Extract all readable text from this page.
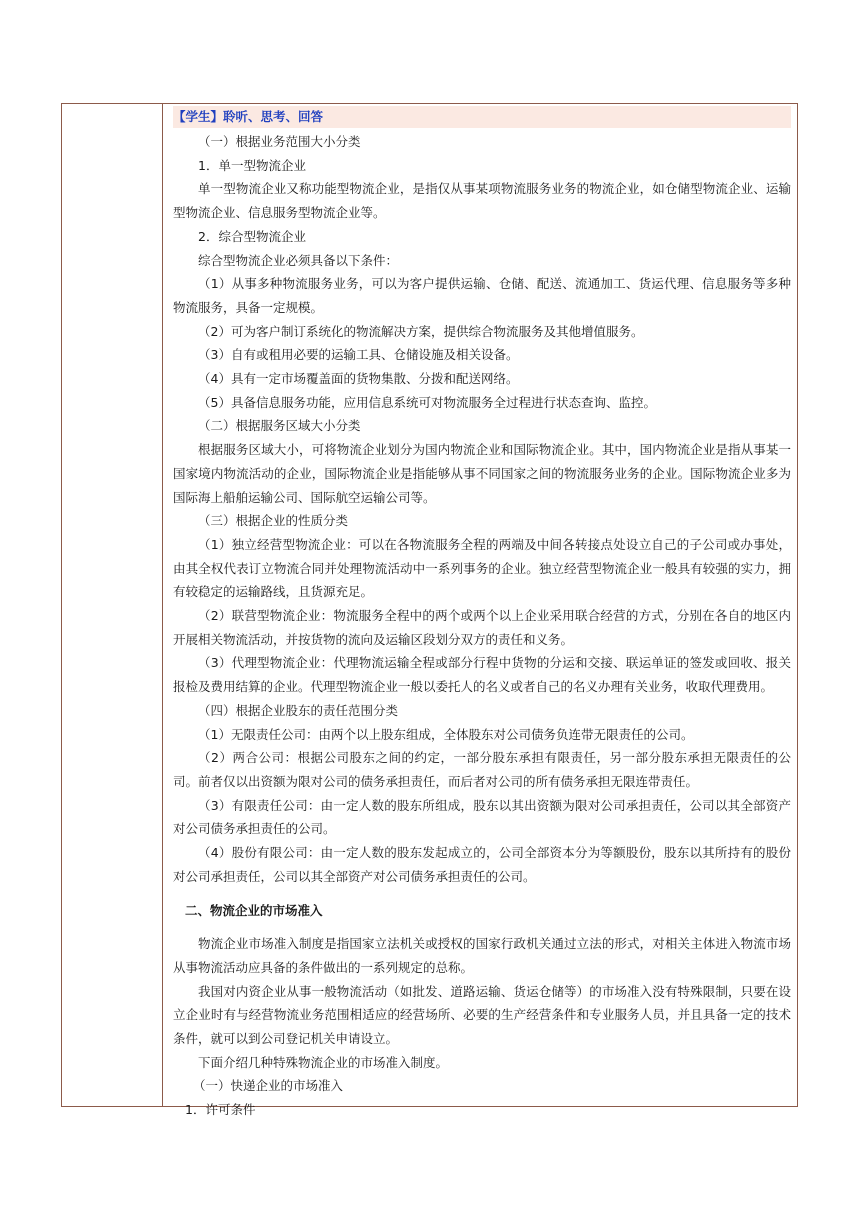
【学生】聆听、思考、回答

（一）根据业务范围大小分类

1．单一型物流企业

单一型物流企业又称功能型物流企业，是指仅从事某项物流服务业务的物流企业，如仓储型物流企业、运输型物流企业、信息服务型物流企业等。

2．综合型物流企业

综合型物流企业必须具备以下条件：

（1）从事多种物流服务业务，可以为客户提供运输、仓储、配送、流通加工、货运代理、信息服务等多种物流服务，具备一定规模。

（2）可为客户制订系统化的物流解决方案，提供综合物流服务及其他增值服务。

（3）自有或租用必要的运输工具、仓储设施及相关设备。

（4）具有一定市场覆盖面的货物集散、分拨和配送网络。

（5）具备信息服务功能，应用信息系统可对物流服务全过程进行状态查询、监控。

（二）根据服务区域大小分类

根据服务区域大小，可将物流企业划分为国内物流企业和国际物流企业。其中，国内物流企业是指从事某一国家境内物流活动的企业，国际物流企业是指能够从事不同国家之间的物流服务业务的企业。国际物流企业多为国际海上船舶运输公司、国际航空运输公司等。

（三）根据企业的性质分类

（1）独立经营型物流企业：可以在各物流服务全程的两端及中间各转接点处设立自己的子公司或办事处，由其全权代表订立物流合同并处理物流活动中一系列事务的企业。独立经营型物流企业一般具有较强的实力，拥有较稳定的运输路线，且货源充足。

（2）联营型物流企业：物流服务全程中的两个或两个以上企业采用联合经营的方式，分别在各自的地区内开展相关物流活动，并按货物的流向及运输区段划分双方的责任和义务。

（3）代理型物流企业：代理物流运输全程或部分行程中货物的分运和交接、联运单证的签发或回收、报关报检及费用结算的企业。代理型物流企业一般以委托人的名义或者自己的名义办理有关业务，收取代理费用。

（四）根据企业股东的责任范围分类

（1）无限责任公司：由两个以上股东组成，全体股东对公司债务负连带无限责任的公司。

（2）两合公司：根据公司股东之间的约定，一部分股东承担有限责任，另一部分股东承担无限责任的公司。前者仅以出资额为限对公司的债务承担责任，而后者对公司的所有债务承担无限连带责任。

（3）有限责任公司：由一定人数的股东所组成，股东以其出资额为限对公司承担责任，公司以其全部资产对公司债务承担责任的公司。

（4）股份有限公司：由一定人数的股东发起成立的，公司全部资本分为等额股份，股东以其所持有的股份对公司承担责任，公司以其全部资产对公司债务承担责任的公司。

二、物流企业的市场准入

物流企业市场准入制度是指国家立法机关或授权的国家行政机关通过立法的形式，对相关主体进入物流市场从事物流活动应具备的条件做出的一系列规定的总称。

我国对内资企业从事一般物流活动（如批发、道路运输、货运仓储等）的市场准入没有特殊限制，只要在设立企业时有与经营物流业务范围相适应的经营场所、必要的生产经营条件和专业服务人员，并且具备一定的技术条件，就可以到公司登记机关申请设立。

下面介绍几种特殊物流企业的市场准入制度。

（一）快递企业的市场准入

1．许可条件
